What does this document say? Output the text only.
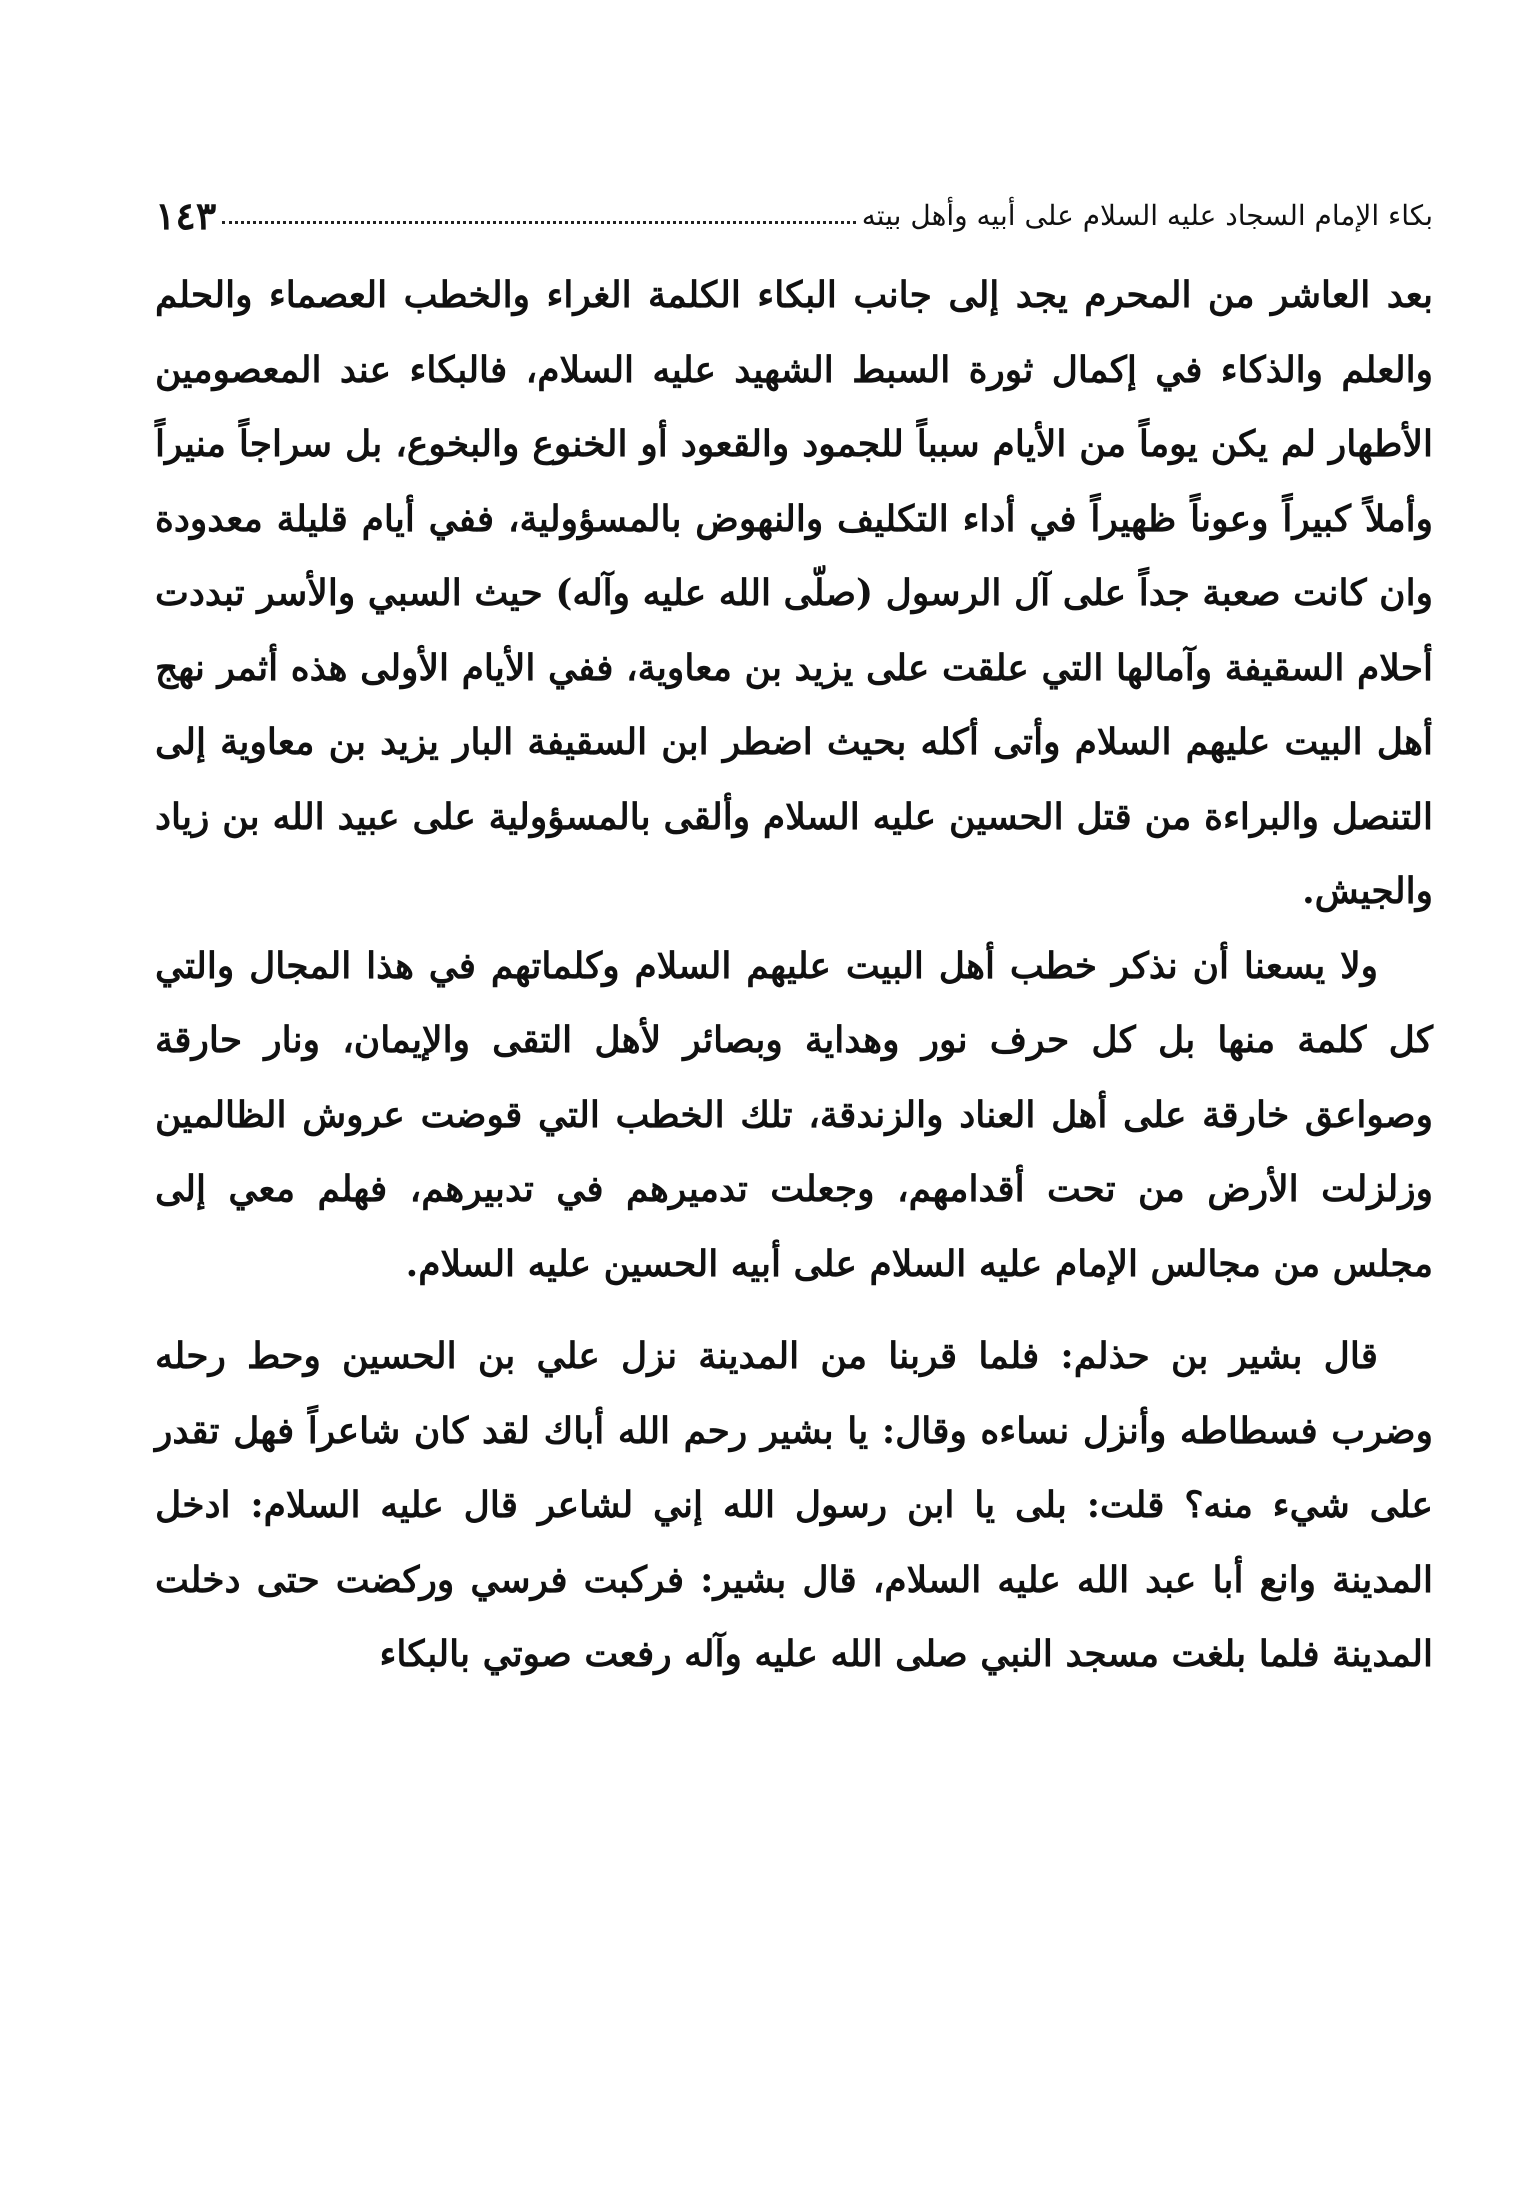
بكاء الإمام السجاد عليه السلام على أبيه وأهل بيته
١٤٣

بعد العاشر من المحرم يجد إلى جانب البكاء الكلمة الغراء والخطب العصماء والحلم والعلم والذكاء في إكمال ثورة السبط الشهيد عليه السلام، فالبكاء عند المعصومين الأطهار لم يكن يوماً من الأيام سبباً للجمود والقعود أو الخنوع والبخوع، بل سراجاً منيراً وأملاً كبيراً وعوناً ظهيراً في أداء التكليف والنهوض بالمسؤولية، ففي أيام قليلة معدودة وان كانت صعبة جداً على آل الرسول (صلّى الله عليه وآله) حيث السبي والأسر تبددت أحلام السقيفة وآمالها التي علقت على يزيد بن معاوية، ففي الأيام الأولى هذه أثمر نهج أهل البيت عليهم السلام وأتى أكله بحيث اضطر ابن السقيفة البار يزيد بن معاوية إلى التنصل والبراءة من قتل الحسين عليه السلام وألقى بالمسؤولية على عبيد الله بن زياد والجيش.

ولا يسعنا أن نذكر خطب أهل البيت عليهم السلام وكلماتهم في هذا المجال والتي كل كلمة منها بل كل حرف نور وهداية وبصائر لأهل التقى والإيمان، ونار حارقة وصواعق خارقة على أهل العناد والزندقة، تلك الخطب التي قوضت عروش الظالمين وزلزلت الأرض من تحت أقدامهم، وجعلت تدميرهم في تدبيرهم، فهلم معي إلى مجلس من مجالس الإمام عليه السلام على أبيه الحسين عليه السلام.

قال بشير بن حذلم: فلما قربنا من المدينة نزل علي بن الحسين وحط رحله وضرب فسطاطه وأنزل نساءه وقال: يا بشير رحم الله أباك لقد كان شاعراً فهل تقدر على شيء منه؟ قلت: بلى يا ابن رسول الله إني لشاعر قال عليه السلام: ادخل المدينة وانع أبا عبد الله عليه السلام، قال بشير: فركبت فرسي وركضت حتى دخلت المدينة فلما بلغت مسجد النبي صلى الله عليه وآله رفعت صوتي بالبكاء
